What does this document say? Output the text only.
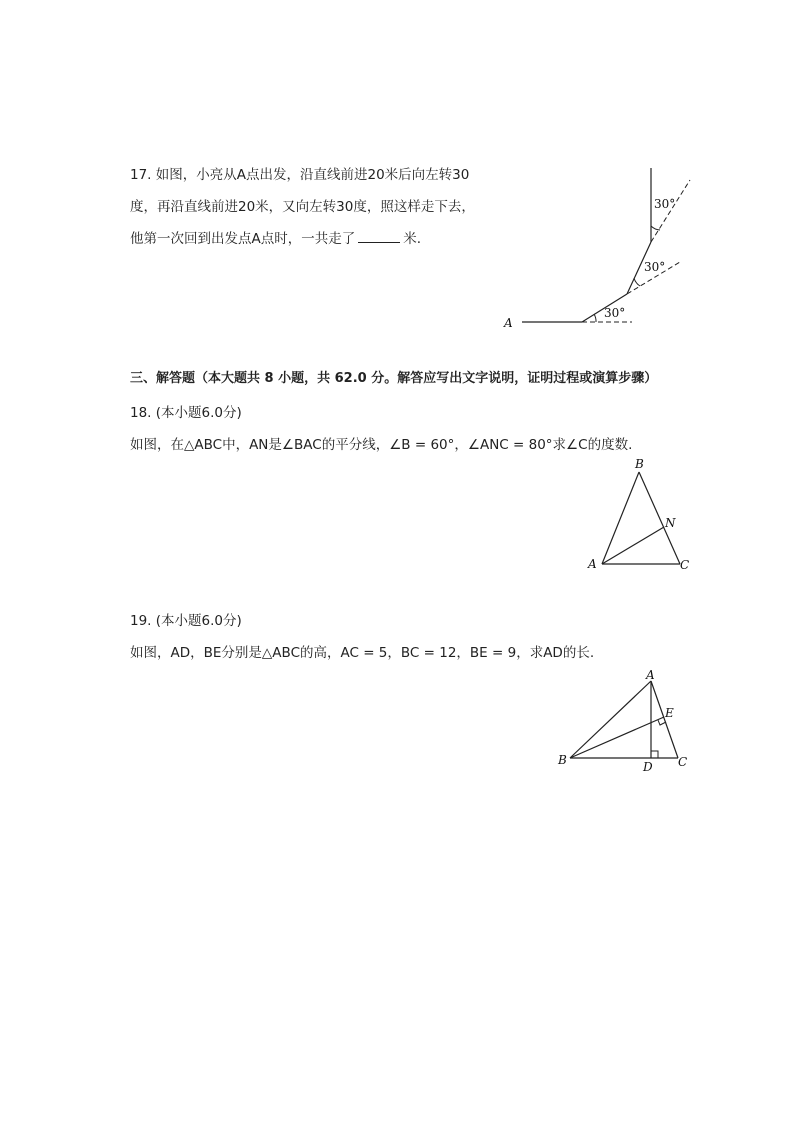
17. 如图，小亮从A点出发，沿直线前进20米后向左转30
度，再沿直线前进20米，又向左转30度，照这样走下去，
他第一次回到出发点A点时，一共走了	米.
A
30°
30°
30°
三、解答题（本大题共 8 小题，共 62.0 分。解答应写出文字说明，证明过程或演算步骤）
18. (本小题6.0分)
如图，在△ABC中，AN是∠BAC的平分线，∠B = 60°，∠ANC = 80°求∠C的度数.
B
N
A	C
19. (本小题6.0分)
如图，AD，BE分别是△ABC的高，AC = 5，BC = 12，BE = 9，求AD的长.
A
E
B	D C
